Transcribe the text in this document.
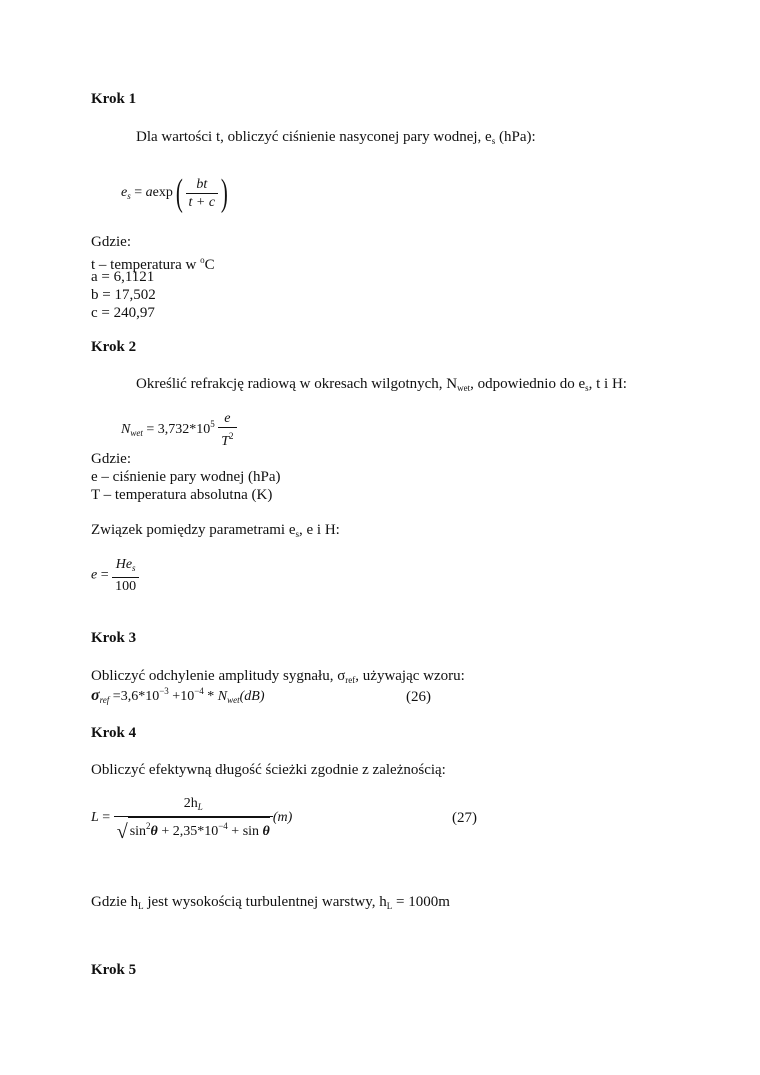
Krok 1
Dla wartości t, obliczyć ciśnienie nasyconej pary wodnej, $e_s$ (hPa):
$e_s = aexp( \frac{bt}{t + c}$ )
Gdzie:
t – temperatura w $^o$C
a = 6,1121
b = 17,502
c = 240,97
Krok 2
Określić refrakcję radiową w okresach wilgotnych, $N_{wet}$, odpowiednio do $e_s$, t i H:
$N_{wet} = 3,732*10^5 \frac{e}{T^2}$
Gdzie:
e – ciśnienie pary wodnej (hPa)
T – temperatura absolutna (K)
Związek pomiędzy parametrami $e_s$, e i H:
$e = \frac{He_s}{100}$
Krok 3
Obliczyć odchylenie amplitudy sygnału, $\sigma_{ref}$, używając wzoru:
$\sigma_{ref} =3,6*10^{-3} +10^{-4} * N_{wet}(dB)$	(26)
Krok 4
Obliczyć efektywną długość ścieżki zgodnie z zależnością:
$L = \frac{2h_L}{√ \sin^2\theta + 2,35*10^{-4} + \sin \theta} (m)$	(27)
Gdzie $h_L$ jest wysokością turbulentnej warstwy, $h_L = 1000m$
Krok 5
